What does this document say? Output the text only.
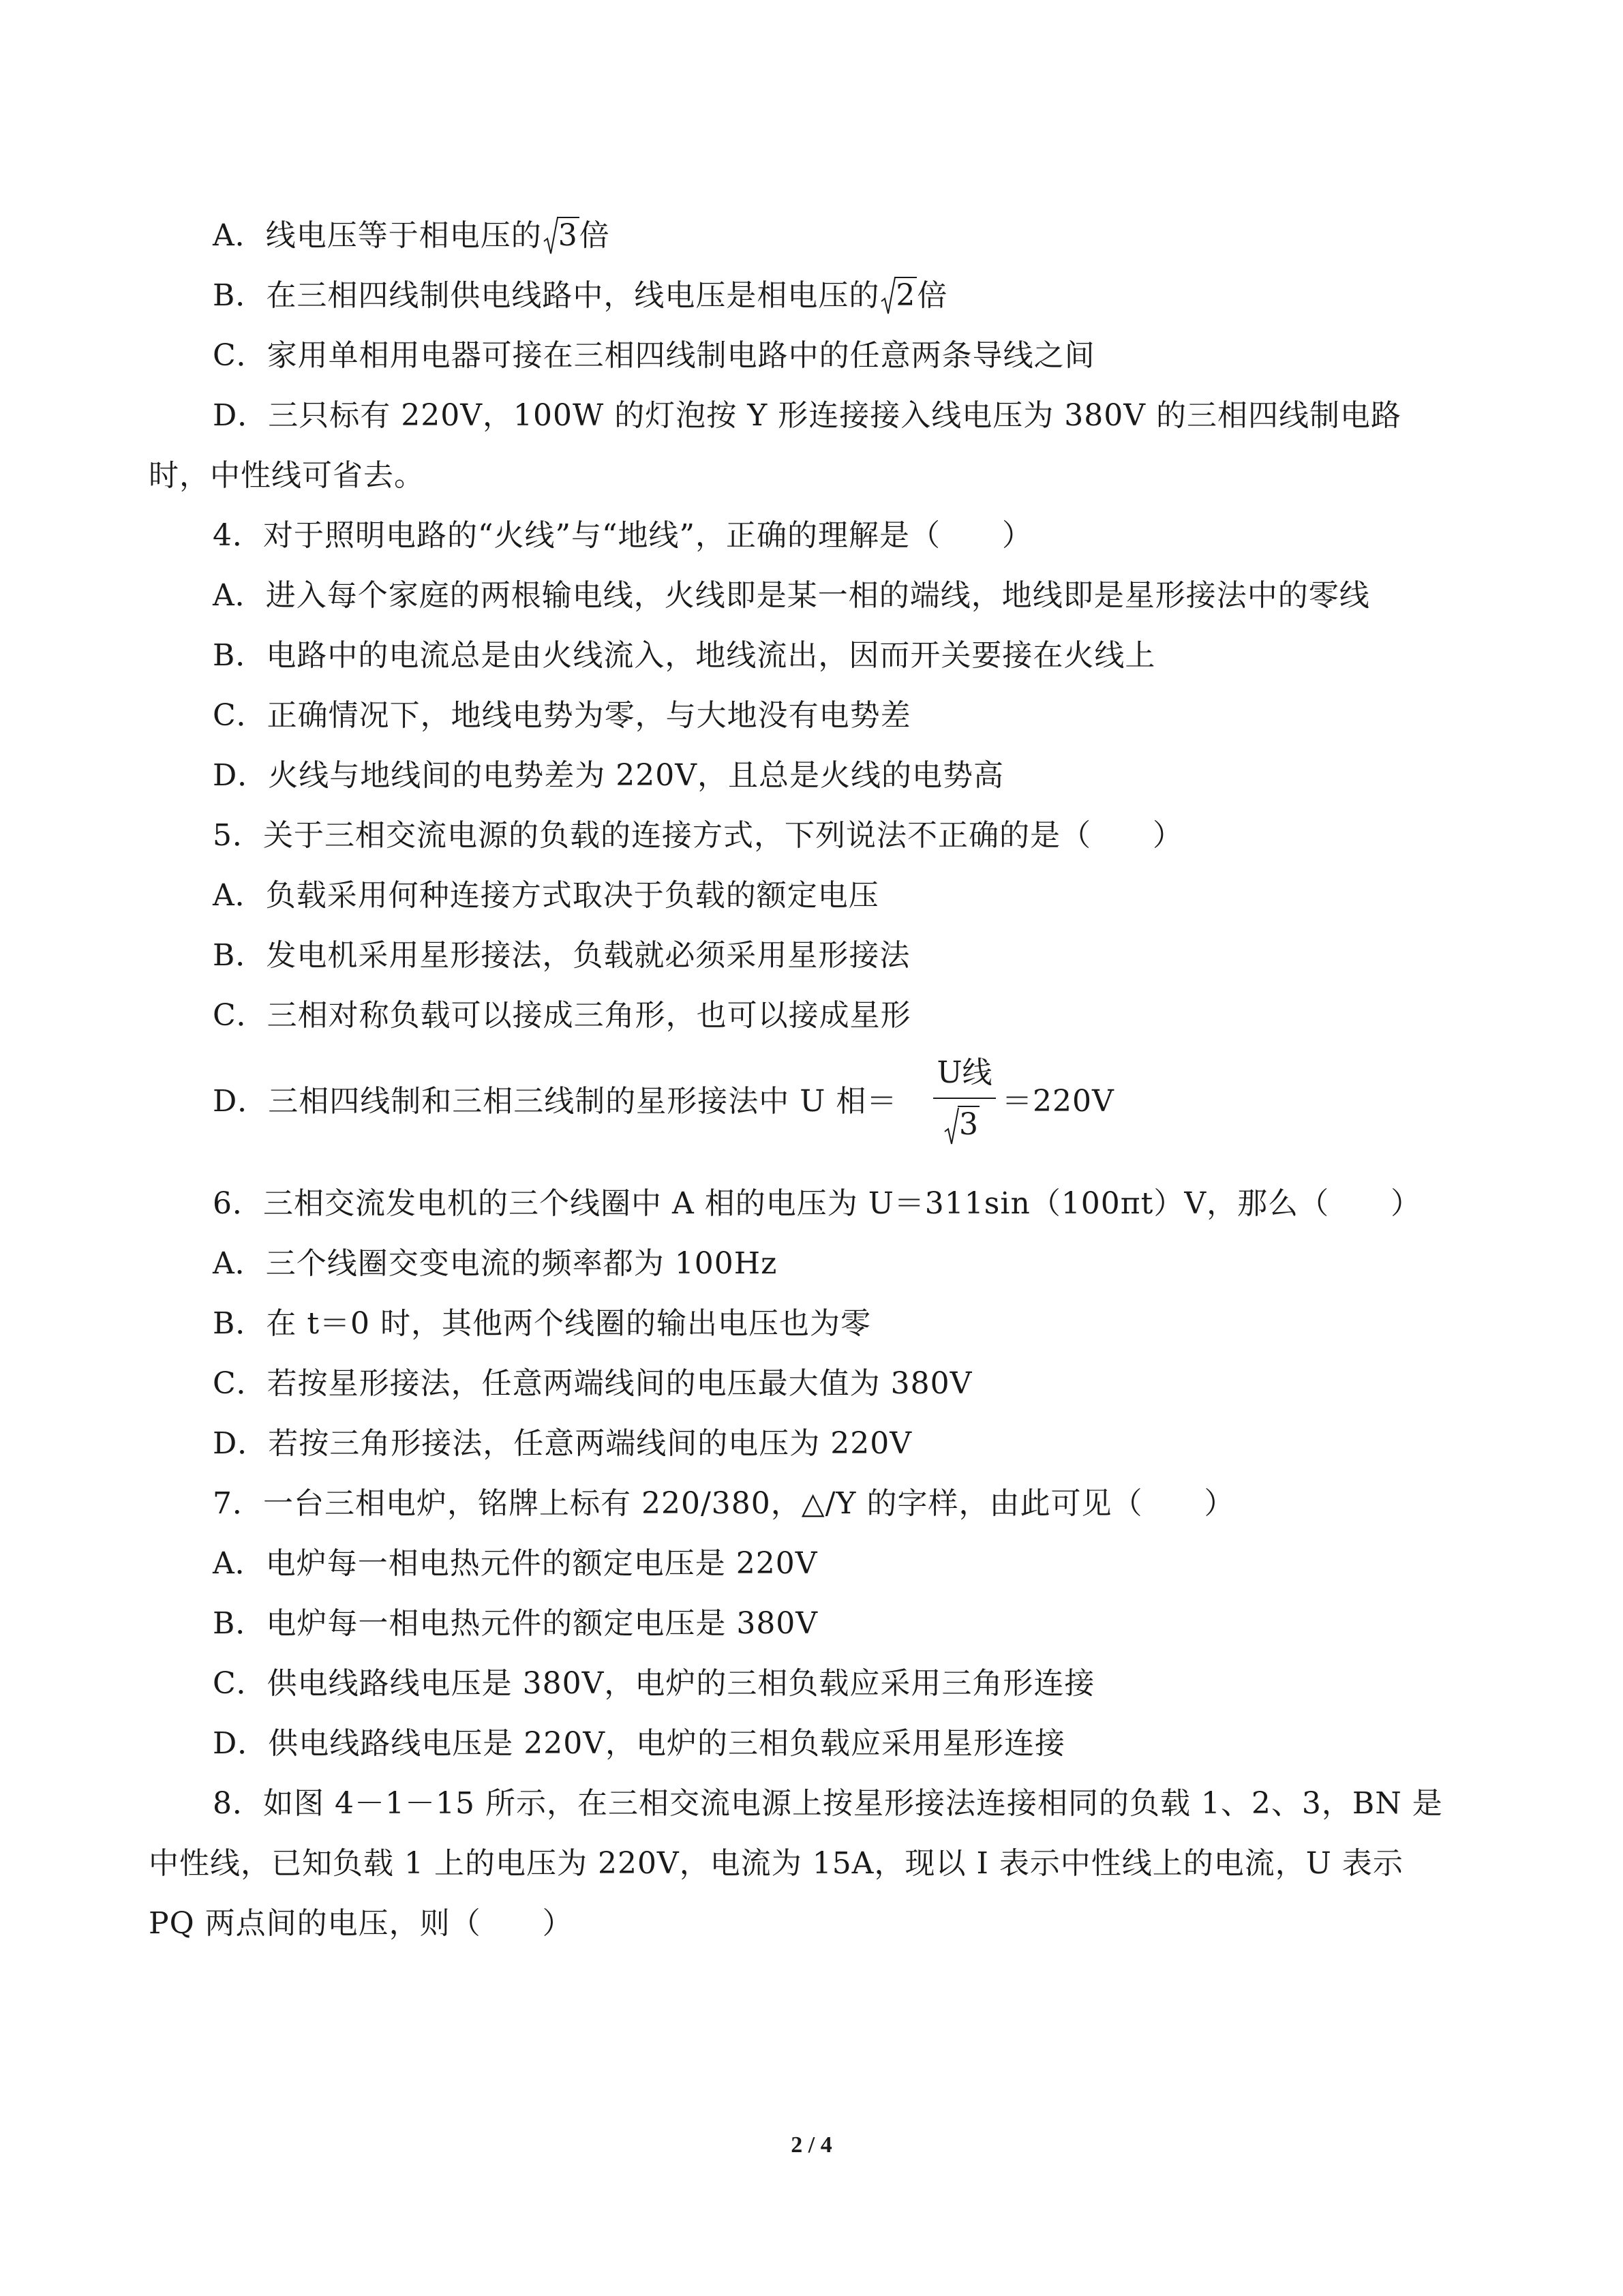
A．线电压等于相电压的 3倍
B．在三相四线制供电线路中，线电压是相电压的 2倍
C．家用单相用电器可接在三相四线制电路中的任意两条导线之间
D．三只标有 220V，100W 的灯泡按 Y 形连接接入线电压为 380V 的三相四线制电路
时，中性线可省去。
4．对于照明电路的“火线”与“地线”，正确的理解是（　　）
A．进入每个家庭的两根输电线，火线即是某一相的端线，地线即是星形接法中的零线
B．电路中的电流总是由火线流入，地线流出，因而开关要接在火线上
C．正确情况下，地线电势为零，与大地没有电势差
D．火线与地线间的电势差为 220V，且总是火线的电势高
5．关于三相交流电源的负载的连接方式，下列说法不正确的是（　　）
A．负载采用何种连接方式取决于负载的额定电压
B．发电机采用星形接法，负载就必须采用星形接法
C．三相对称负载可以接成三角形，也可以接成星形
D．三相四线制和三相三线制的星形接法中 U 相＝
U线
3
＝220V
6．三相交流发电机的三个线圈中 A 相的电压为 U＝311sin（100πt）V，那么（　　）
A．三个线圈交变电流的频率都为 100Hz
B．在 t＝0 时，其他两个线圈的输出电压也为零
C．若按星形接法，任意两端线间的电压最大值为 380V
D．若按三角形接法，任意两端线间的电压为 220V
7．一台三相电炉，铭牌上标有 220/380，△/Y 的字样，由此可见（　　）
A．电炉每一相电热元件的额定电压是 220V
B．电炉每一相电热元件的额定电压是 380V
C．供电线路线电压是 380V，电炉的三相负载应采用三角形连接
D．供电线路线电压是 220V，电炉的三相负载应采用星形连接
8．如图 4－1－15 所示，在三相交流电源上按星形接法连接相同的负载 1、2、3，BN 是
中性线，已知负载 1 上的电压为 220V，电流为 15A，现以 I 表示中性线上的电流，U 表示
PQ 两点间的电压，则（　　）
2 / 4
